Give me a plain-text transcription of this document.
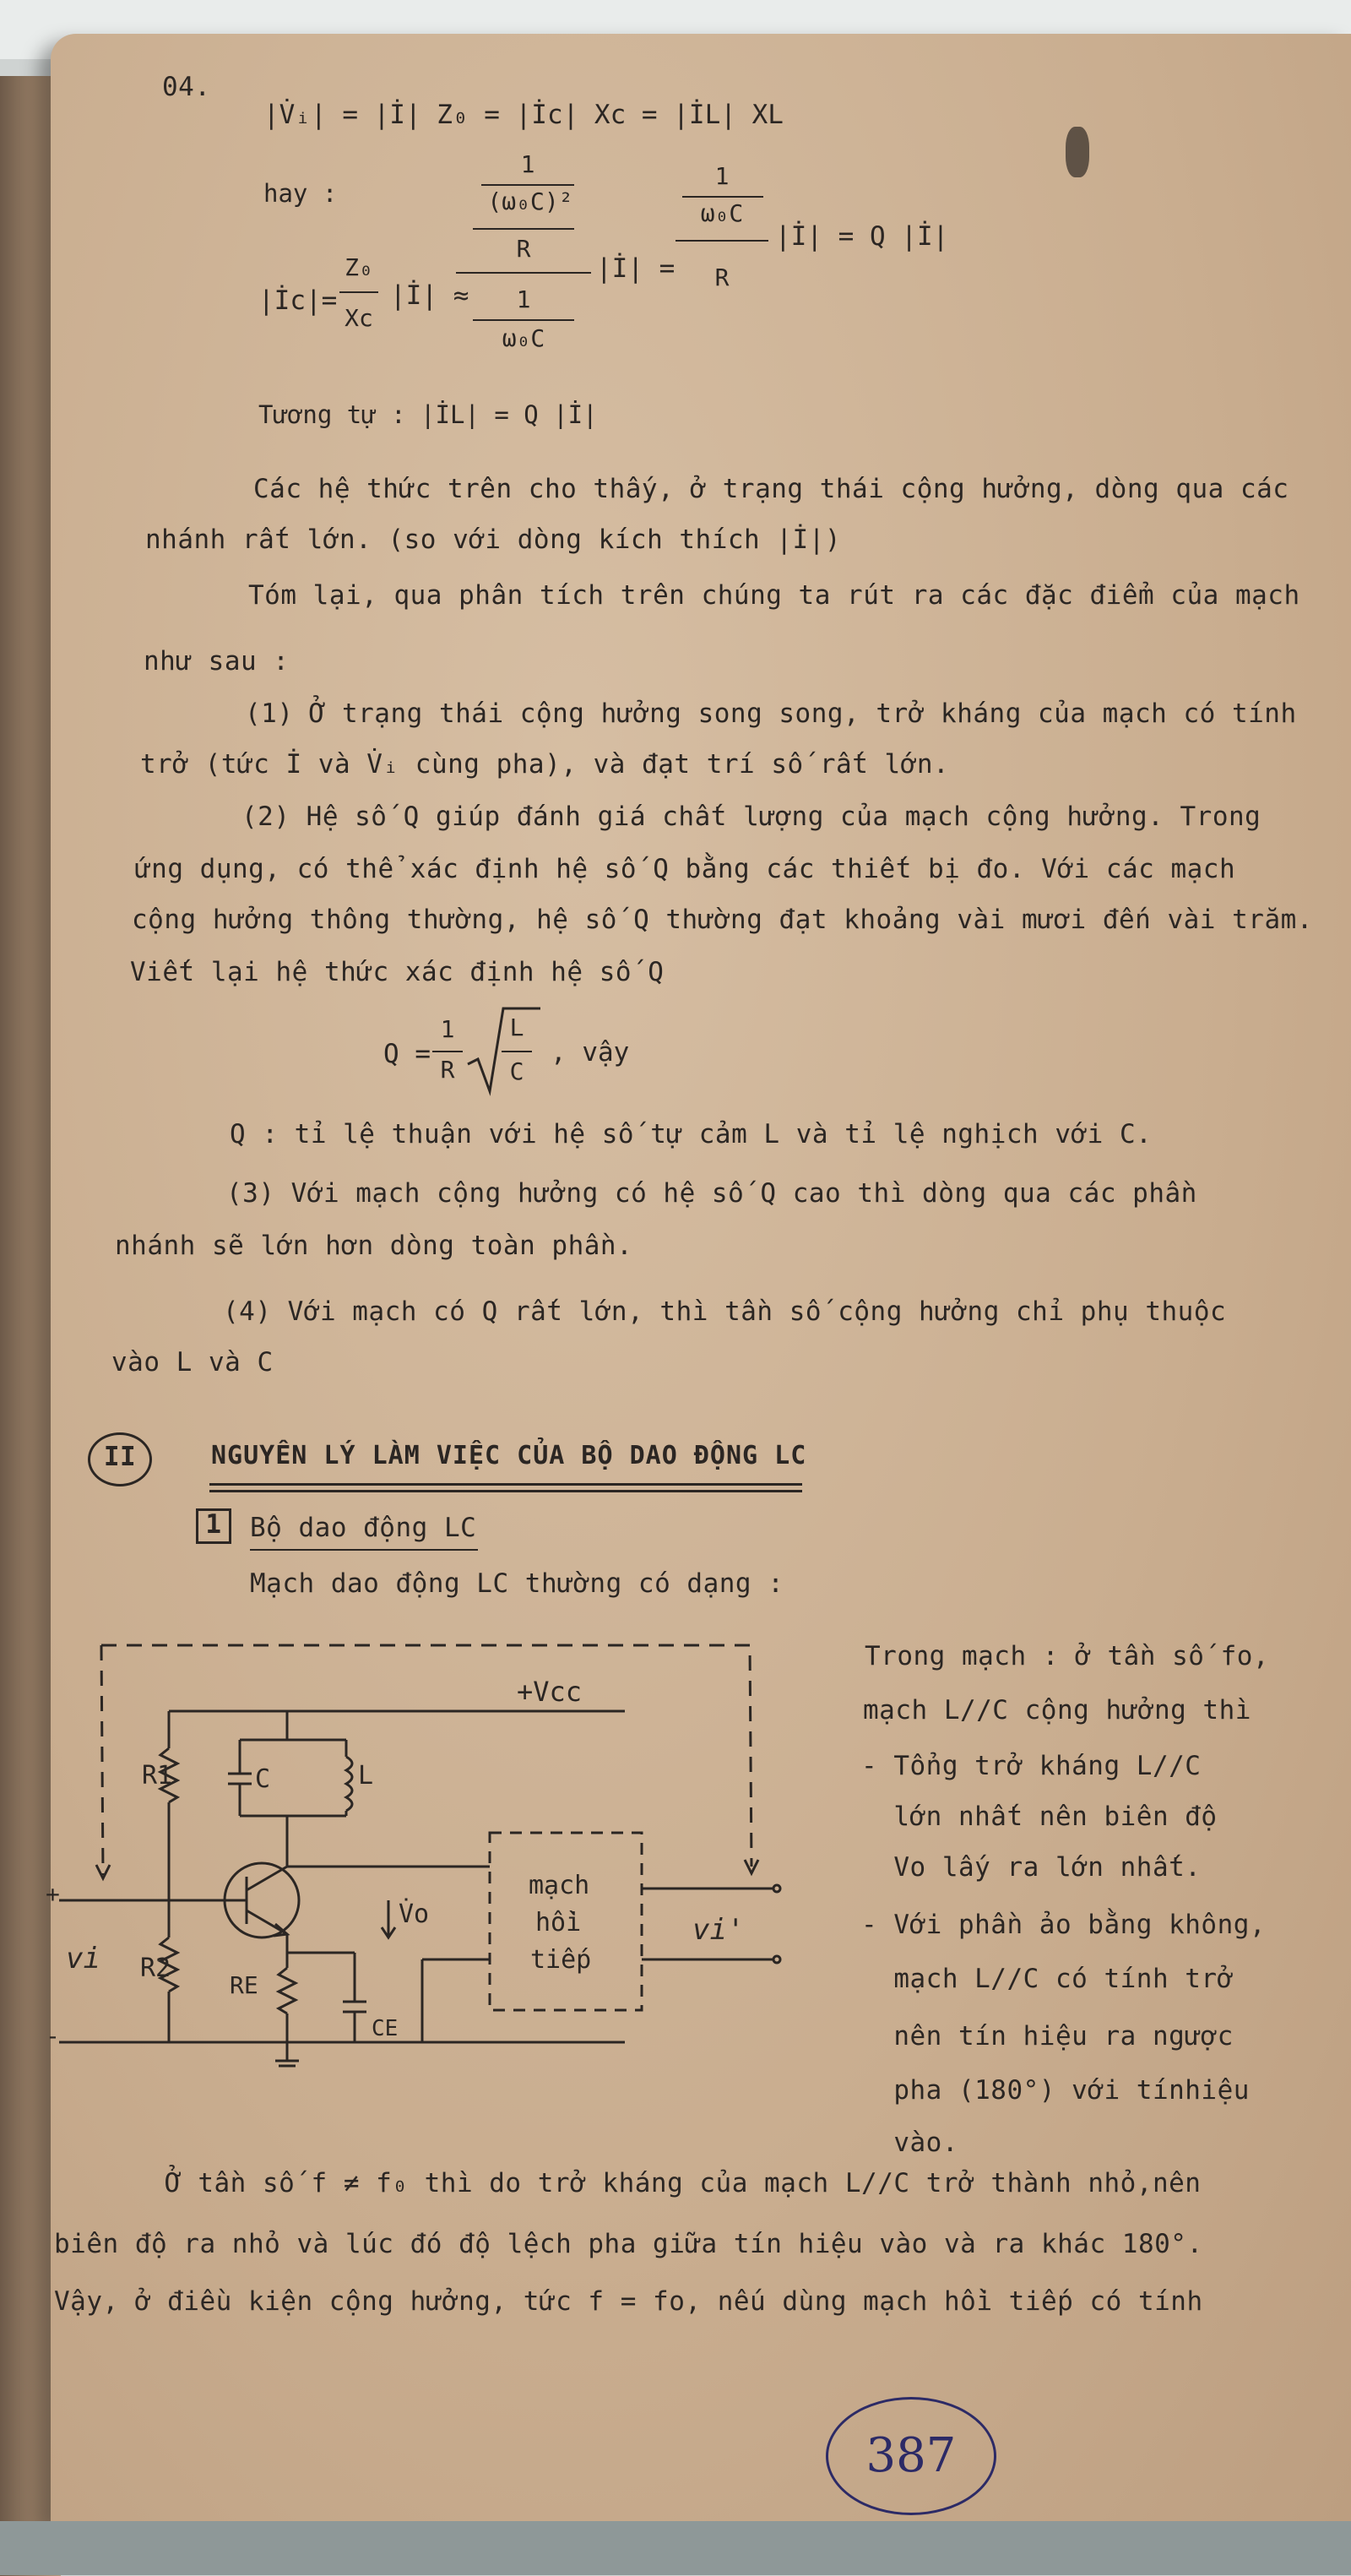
04.
|V̇ᵢ| = |İ| Z₀ = |İc| Xc = |İL| XL
hay :
|İc|=
Z₀
Xc
|İ| ≈
1
(ω₀C)²
R
1
ω₀C
|İ| =
1
ω₀C
R
|İ| = Q |İ|
Tương tự : |İL| = Q |İ|
Các hệ thức trên cho thấy, ở trạng thái cộng hưởng, dòng qua các
nhánh rất lớn. (so với dòng kích thích |İ|)
Tóm lại, qua phân tích trên chúng ta rút ra các đặc điểm của mạch
như sau :
(1) Ở trạng thái cộng hưởng song song, trở kháng của mạch có tính
trở (tức İ và V̇ᵢ cùng pha), và đạt trí số rất lớn.
(2) Hệ số Q giúp đánh giá chất lượng của mạch cộng hưởng. Trong
ứng dụng, có thể xác định hệ số Q bằng các thiết bị đo. Với các mạch
cộng hưởng thông thường, hệ số Q thường đạt khoảng vài mươi đến vài trăm.
Viết lại hệ thức xác định hệ số Q
Q =
1
R
L
C
, vậy
Q : tỉ lệ thuận với hệ số tự cảm L và tỉ lệ nghịch với C.
(3) Với mạch cộng hưởng có hệ số Q cao thì dòng qua các phần
nhánh sẽ lớn hơn dòng toàn phần.
(4) Với mạch có Q rất lớn, thì tần số cộng hưởng chỉ phụ thuộc
vào L và C
II	NGUYÊN LÝ LÀM VIỆC CỦA BỘ DAO ĐỘNG LC
1	Bộ dao động LC
Mạch dao động LC thường có dạng :
R1
R2
RE
C	L
CE
+Vcc
V̇o
vi
vi'
mạch
hồi
tiếp
+
-
Trong mạch : ở tần số fo,
mạch L//C cộng hưởng thì
- Tổng trở kháng L//C
lớn nhất nên biên độ
Vo lấy ra lớn nhất.
- Với phần ảo bằng không,
mạch L//C có tính trở
nên tín hiệu ra ngược
pha (180°) với tínhiệu
vào.
Ở tần số f ≠ f₀ thì do trở kháng của mạch L//C trở thành nhỏ,nên
biên độ ra nhỏ và lúc đó độ lệch pha giữa tín hiệu vào và ra khác 180°.
Vậy, ở điều kiện cộng hưởng, tức f = fo, nếu dùng mạch hồi tiếp có tính
387
